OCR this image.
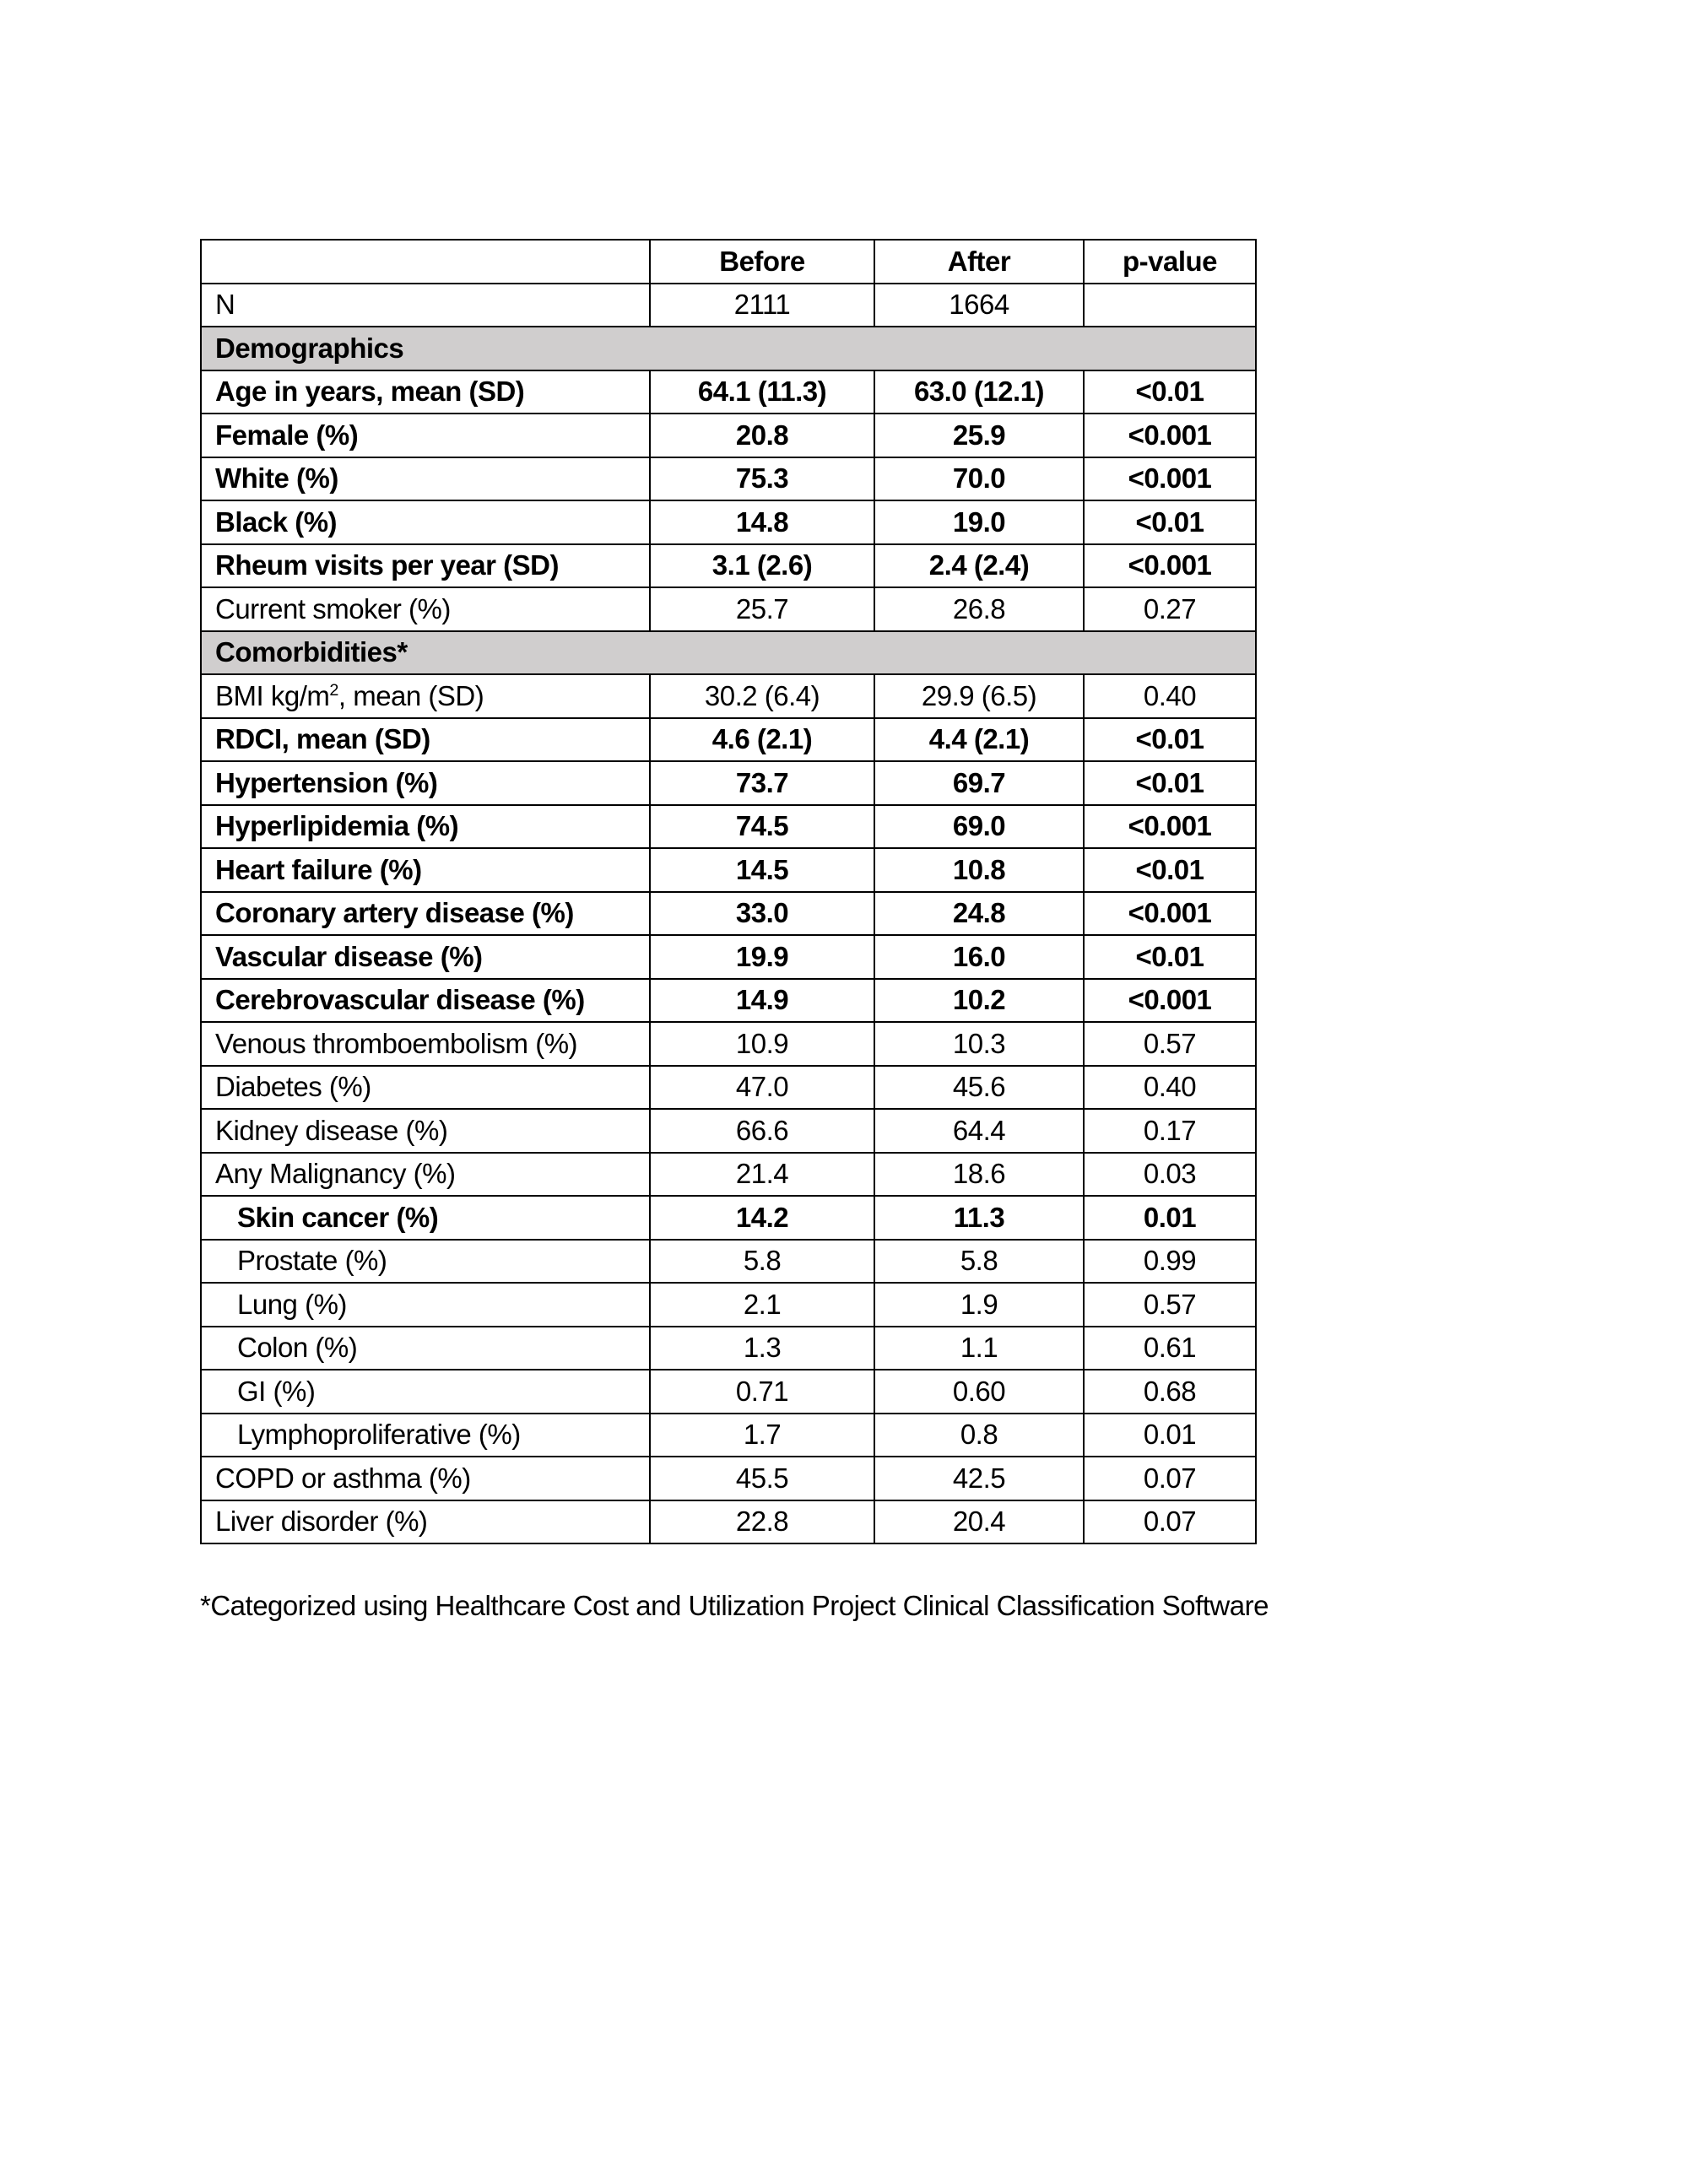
	Before	After	p-value
N	2111	1664	
Demographics			
Age in years, mean (SD)	64.1 (11.3)	63.0 (12.1)	<0.01
Female (%)	20.8	25.9	<0.001
White (%)	75.3	70.0	<0.001
Black (%)	14.8	19.0	<0.01
Rheum visits per year (SD)	3.1 (2.6)	2.4 (2.4)	<0.001
Current smoker (%)	25.7	26.8	0.27
Comorbidities*			
BMI $kg/m^2$, mean (SD)	30.2 (6.4)	29.9 (6.5)	0.40
RDCI, mean (SD)	4.6 (2.1)	4.4 (2.1)	<0.01
Hypertension (%)	73.7	69.7	<0.01
Hyperlipidemia (%)	74.5	69.0	<0.001
Heart failure (%)	14.5	10.8	<0.01
Coronary artery disease (%)	33.0	24.8	<0.001
Vascular disease (%)	19.9	16.0	<0.01
Cerebrovascular disease (%)	14.9	10.2	<0.001
Venous thromboembolism (%)	10.9	10.3	0.57
Diabetes (%)	47.0	45.6	0.40
Kidney disease (%)	66.6	64.4	0.17
Any Malignancy (%)	21.4	18.6	0.03
Skin cancer (%)	14.2	11.3	0.01
Prostate (%)	5.8	5.8	0.99
Lung (%)	2.1	1.9	0.57
Colon (%)	1.3	1.1	0.61
GI (%)	0.71	0.60	0.68
Lymphoproliferative (%)	1.7	0.8	0.01
COPD or asthma (%)	45.5	42.5	0.07
Liver disorder (%)	22.8	20.4	0.07
*Categorized using Healthcare Cost and Utilization Project Clinical Classification Software
